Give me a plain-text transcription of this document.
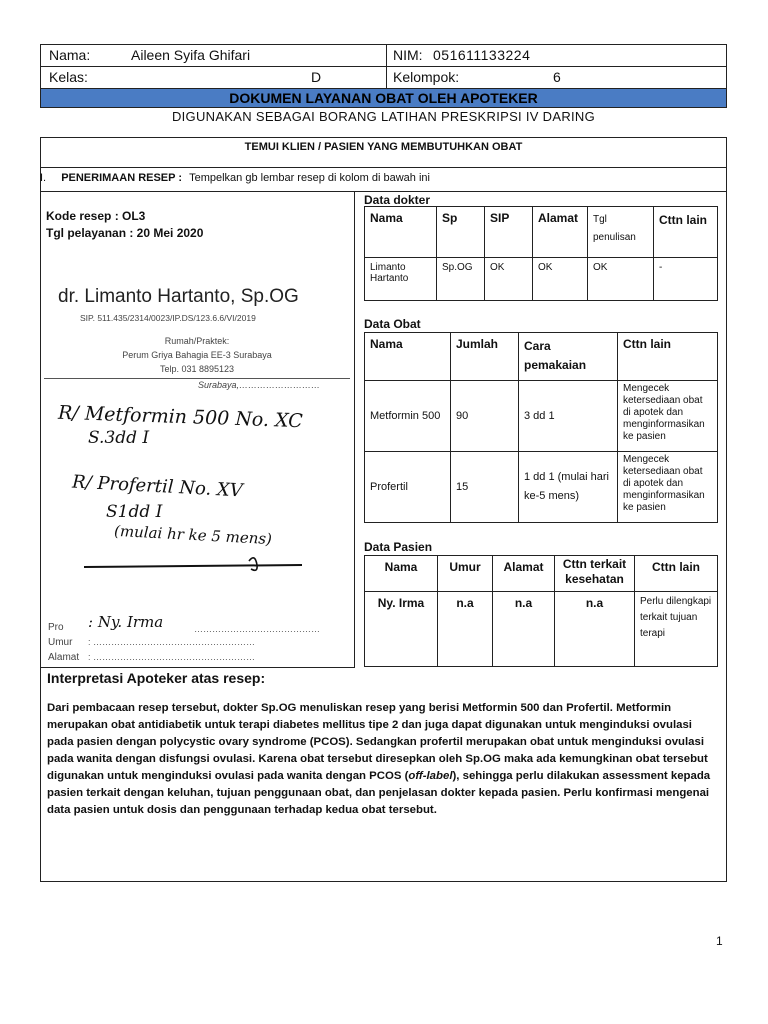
Nama:	Aileen Syifa Ghifari	NIM: 051611133224
Kelas:	D	Kelompok:	6
DOKUMEN LAYANAN OBAT OLEH APOTEKER
DIGUNAKAN SEBAGAI BORANG LATIHAN PRESKRIPSI IV DARING
TEMUI KLIEN / PASIEN YANG MEMBUTUHKAN OBAT
I. PENERIMAAN RESEP : Tempelkan gb lembar resep di kolom di bawah ini
Kode resep : OL3
Tgl pelayanan : 20 Mei 2020
dr. Limanto Hartanto, Sp.OG
SIP. 511.435/2314/0023/IP.DS/123.6.6/VI/2019
Rumah/Praktek:
Perum Griya Bahagia EE-3 Surabaya
Telp. 031 8895123
Surabaya,………………………
R/ Metformin 500 No. XC
S.3dd I
R/ Profertil No. XV
S1dd I
(mulai hr ke 5 mens)
Pro : Ny. Irma	……………………………………
Umur : ………………………………………………
Alamat : ………………………………………………
Data dokter
Nama	Sp	SIP	Alamat	Tgl penulisan	Cttn lain
Limanto Hartanto	Sp.OG	OK	OK	OK	-
Data Obat
Nama	Jumlah	Cara pemakaian	Cttn lain
Metformin 500	90	3 dd 1	Mengecek ketersediaan obat di apotek dan menginformasikan ke pasien
Profertil	15	1 dd 1 (mulai hari ke-5 mens)	Mengecek ketersediaan obat di apotek dan menginformasikan ke pasien
Data Pasien
Nama	Umur	Alamat	Cttn terkait kesehatan	Cttn lain
Ny. Irma	n.a	n.a	n.a	Perlu dilengkapi terkait tujuan terapi
Interpretasi Apoteker atas resep:
Dari pembacaan resep tersebut, dokter Sp.OG menuliskan resep yang berisi Metformin 500 dan Profertil. Metformin merupakan obat antidiabetik untuk terapi diabetes mellitus tipe 2 dan juga dapat digunakan untuk menginduksi ovulasi pada pasien dengan polycystic ovary syndrome (PCOS). Sedangkan profertil merupakan obat untuk menginduksi ovulasi pada wanita dengan disfungsi ovulasi. Karena obat tersebut diresepkan oleh Sp.OG maka ada kemungkinan obat tersebut digunakan untuk menginduksi ovulasi pada wanita dengan PCOS (off-label), sehingga perlu dilakukan assessment kepada pasien terkait dengan keluhan, tujuan penggunaan obat, dan penjelasan dokter kepada pasien. Perlu konfirmasi mengenai data pasien untuk dosis dan penggunaan terhadap kedua obat tersebut.
1
